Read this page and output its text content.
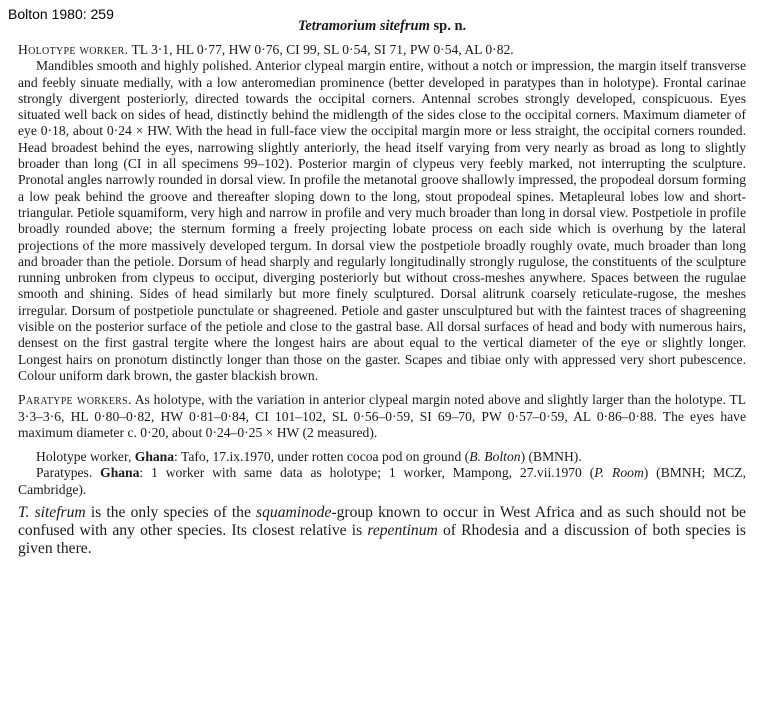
Bolton 1980: 259
Tetramorium sitefrum sp. n.

Holotype worker. TL 3·1, HL 0·77, HW 0·76, CI 99, SL 0·54, SI 71, PW 0·54, AL 0·82.

Mandibles smooth and highly polished. Anterior clypeal margin entire, without a notch or impression, the margin itself transverse and feebly sinuate medially, with a low anteromedian prominence (better developed in paratypes than in holotype). Frontal carinae strongly divergent posteriorly, directed towards the occipital corners. Antennal scrobes strongly developed, conspicuous. Eyes situated well back on sides of head, distinctly behind the midlength of the sides close to the occipital corners. Maximum diameter of eye 0·18, about 0·24 × HW. With the head in full-face view the occipital margin more or less straight, the occipital corners rounded. Head broadest behind the eyes, narrowing slightly anteriorly, the head itself varying from very nearly as broad as long to slightly broader than long (CI in all specimens 99–102). Posterior margin of clypeus very feebly marked, not interrupting the sculpture. Pronotal angles narrowly rounded in dorsal view. In profile the metanotal groove shallowly impressed, the propodeal dorsum forming a low peak behind the groove and thereafter sloping down to the long, stout propodeal spines. Metapleural lobes low and short-triangular. Petiole squamiform, very high and narrow in profile and very much broader than long in dorsal view. Postpetiole in profile broadly rounded above; the sternum forming a freely projecting lobate process on each side which is overhung by the lateral projections of the more massively developed tergum. In dorsal view the postpetiole broadly roughly ovate, much broader than long and broader than the petiole. Dorsum of head sharply and regularly longitudinally strongly rugulose, the constituents of the sculpture running unbroken from clypeus to occiput, diverging posteriorly but without cross-meshes anywhere. Spaces between the rugulae smooth and shining. Sides of head similarly but more finely sculptured. Dorsal alitrunk coarsely reticulate-rugose, the meshes irregular. Dorsum of postpetiole punctulate or shagreened. Petiole and gaster unsculptured but with the faintest traces of shagreening visible on the posterior surface of the petiole and close to the gastral base. All dorsal surfaces of head and body with numerous hairs, densest on the first gastral tergite where the longest hairs are about equal to the vertical diameter of the eye or slightly longer. Longest hairs on pronotum distinctly longer than those on the gaster. Scapes and tibiae only with appressed very short pubescence. Colour uniform dark brown, the gaster blackish brown.

Paratype workers. As holotype, with the variation in anterior clypeal margin noted above and slightly larger than the holotype. TL 3·3–3·6, HL 0·80–0·82, HW 0·81–0·84, CI 101–102, SL 0·56–0·59, SI 69–70, PW 0·57–0·59, AL 0·86–0·88. The eyes have maximum diameter c. 0·20, about 0·24–0·25 × HW (2 measured).

Holotype worker, Ghana: Tafo, 17.ix.1970, under rotten cocoa pod on ground (B. Bolton) (BMNH).

Paratypes. Ghana: 1 worker with same data as holotype; 1 worker, Mampong, 27.vii.1970 (P. Room) (BMNH; MCZ, Cambridge).

T. sitefrum is the only species of the squaminode-group known to occur in West Africa and as such should not be confused with any other species. Its closest relative is repentinum of Rhodesia and a discussion of both species is given there.
